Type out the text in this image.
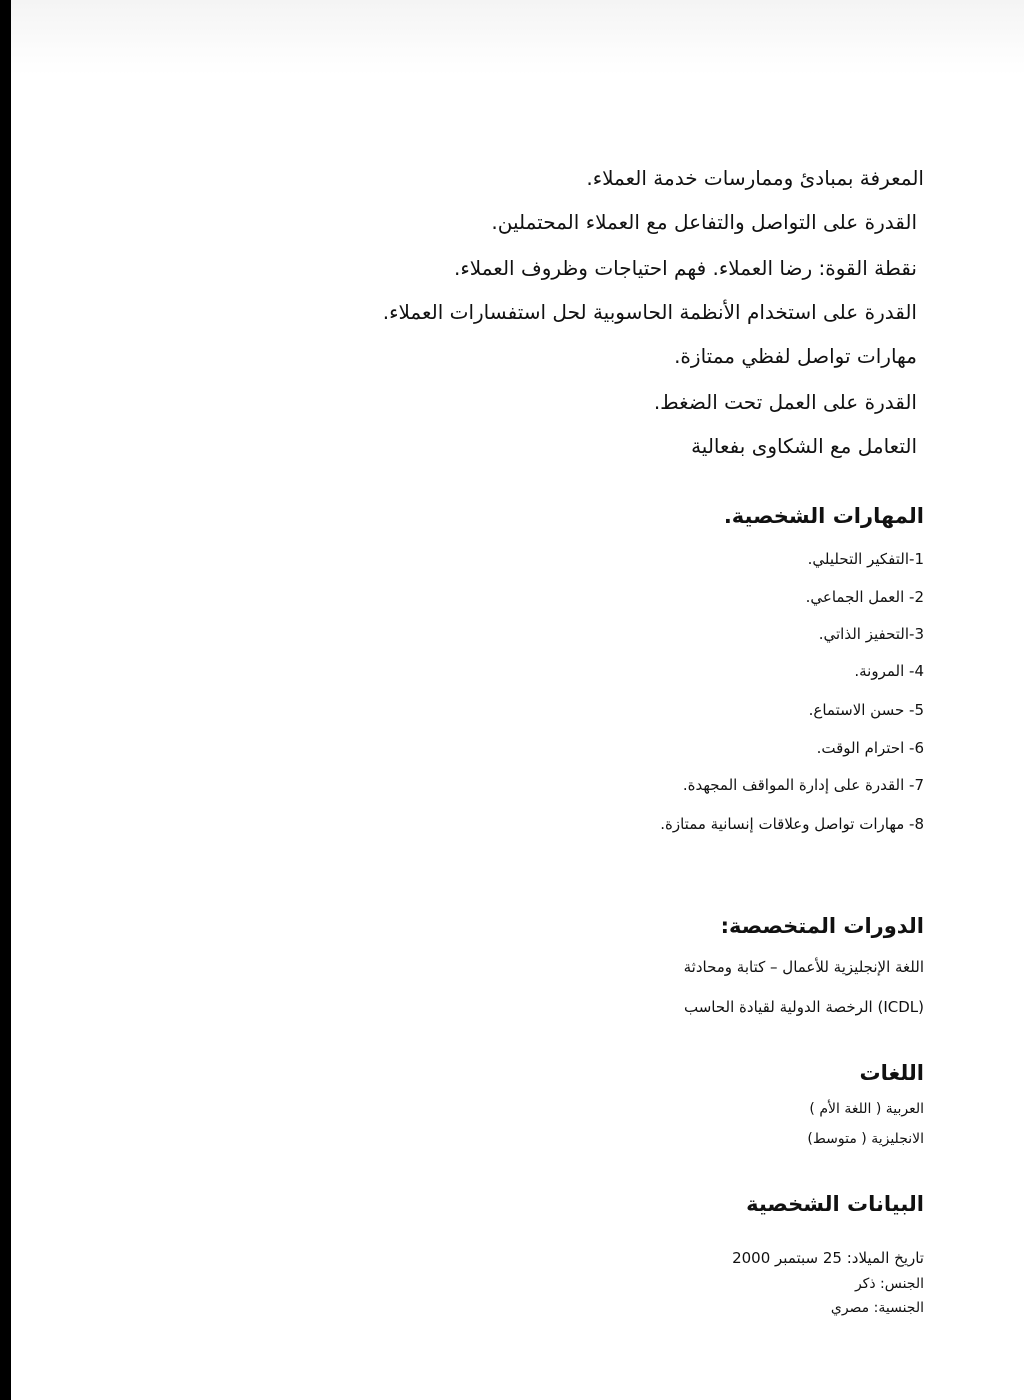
المعرفة بمبادئ وممارسات خدمة العملاء.
القدرة على التواصل والتفاعل مع العملاء المحتملين.
نقطة القوة: رضا العملاء. فهم احتياجات وظروف العملاء.
القدرة على استخدام الأنظمة الحاسوبية لحل استفسارات العملاء.
مهارات تواصل لفظي ممتازة.
القدرة على العمل تحت الضغط.
التعامل مع الشكاوى بفعالية
المهارات الشخصية.
1-التفكير التحليلي.
2- العمل الجماعي.
3-التحفيز الذاتي.
4- المرونة.
5- حسن الاستماع.
6- احترام الوقت.
7- القدرة على إدارة المواقف المجهدة.
8- مهارات تواصل وعلاقات إنسانية ممتازة.
الدورات المتخصصة:
اللغة الإنجليزية للأعمال – كتابة ومحادثة
(ICDL) الرخصة الدولية لقيادة الحاسب
اللغات
العربية ( اللغة الأم )
الانجليزية ( متوسط)
البيانات الشخصية
تاريخ الميلاد: 25 سبتمبر 2000
الجنس: ذكر
الجنسية: مصري
